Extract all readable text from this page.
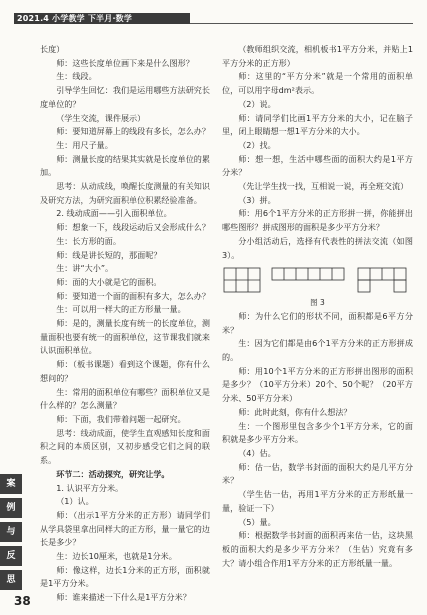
2021.4 小学教学 下半月·数学

长度）

师：这些长度单位画下来是什么图形？

生：线段。

引导学生回忆：我们是运用哪些方法研究长度单位的？

（学生交流，课件展示）

师：要知道屏幕上的线段有多长，怎么办？

生：用尺子量。

师：测量长度的结果其实就是长度单位的累加。

思考：从动成线，唤醒长度测量的有关知识及研究方法，为研究面积单位积累经验准备。

2. 线动成面——引入面积单位。

师：想象一下，线段运动后又会形成什么？

生：长方形的面。

师：线是讲长短的，那面呢？

生：讲“大小”。

师：面的大小就是它的面积。

师：要知道一个面的面积有多大，怎么办？

生：可以用一样大的正方形量一量。

师：是的，测量长度有统一的长度单位，测量面积也要有统一的面积单位，这节课我们就来认识面积单位。

师：（板书课题）看到这个课题，你有什么想问的？

生：常用的面积单位有哪些？面积单位又是什么样的？怎么测量？

师：下面，我们带着问题一起研究。

思考：线动成面，使学生直观感知长度和面积之间的本质区别，又初步感受它们之间的联系。

环节二：活动探究，研究让学。

1. 认识平方分米。

（1）认。

师：（出示1平方分米的正方形）请同学们从学具袋里拿出同样大的正方形，量一量它的边长是多少？

生：边长10厘米，也就是1分米。

师：像这样，边长1分米的正方形，面积就是1平方分米。

师：谁来描述一下什么是1平方分米？

（教师组织交流，相机板书1平方分米，并贴上1平方分米的正方形）

师：这里的“平方分米”就是一个常用的面积单位，可以用字母dm²表示。

（2）说。

师：请同学们比画1平方分米的大小，记在脑子里，闭上眼睛想一想1平方分米的大小。

（2）找。

师：想一想，生活中哪些面的面积大约是1平方分米？

（先让学生找一找，互相说一说，再全班交流）

（3）拼。

师：用6个1平方分米的正方形拼一拼，你能拼出哪些图形？拼成图形的面积是多少平方分米？

分小组活动后，选择有代表性的拼法交流（如图3）。

图 3

师：为什么它们的形状不同，面积都是6平方分米？

生：因为它们都是由6个1平方分米的正方形拼成的。

师：用10个1平方分米的正方形拼出图形的面积是多少？（10平方分米）20个、50个呢？（20平方分米、50平方分米）

师：此时此刻，你有什么想法？

生：一个图形里包含多少个1平方分米，它的面积就是多少平方分米。

（4）估。

师：估一估，数学书封面的面积大约是几平方分米？

（学生估一估，再用1平方分米的正方形纸量一量，验证一下）

（5）量。

师：根据数学书封面的面积再来估一估，这块黑板的面积大约是多少平方分米？（生估）究竟有多大？请小组合作用1平方分米的正方形纸量一量。

案
例
与
反
思
38
